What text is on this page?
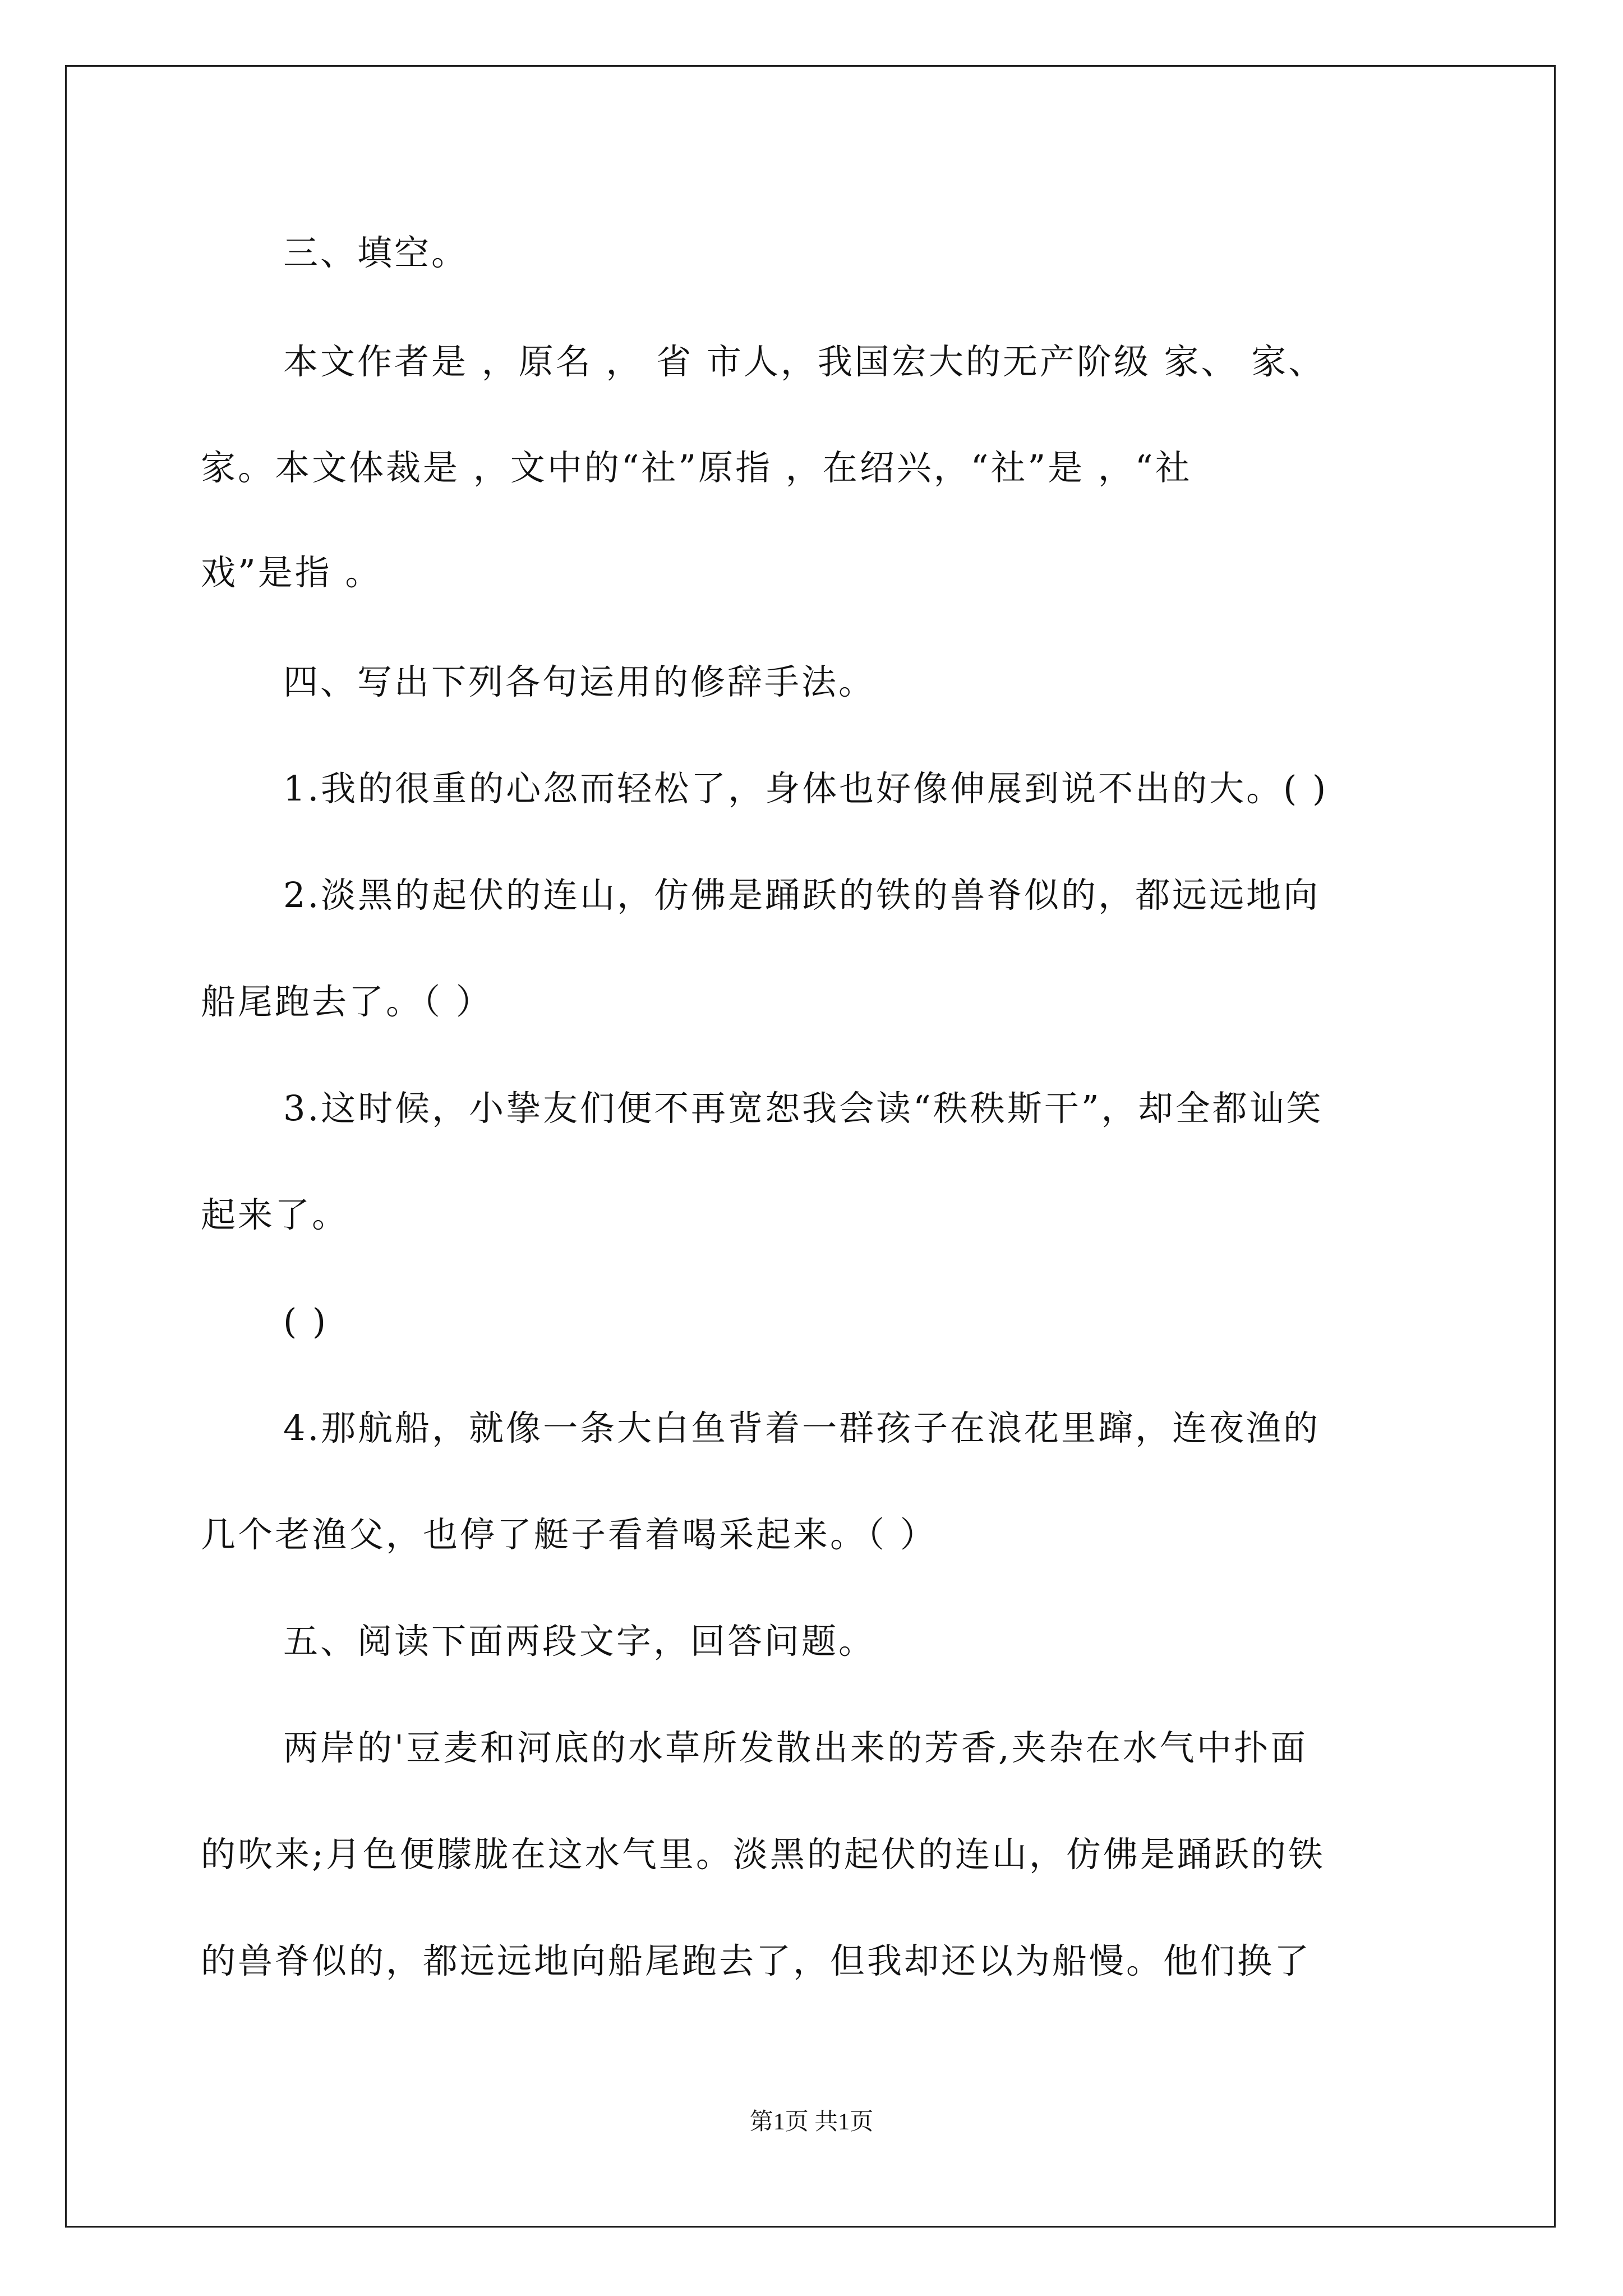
三、填空。
本文作者是 ，原名 ， 省 市人，我国宏大的无产阶级 家、 家、
家。本文体裁是 ，文中的“社”原指 ，在绍兴，“社”是 ，“社
戏”是指 。
四、写出下列各句运用的修辞手法。
1.我的很重的心忽而轻松了，身体也好像伸展到说不出的大。( )
2.淡黑的起伏的连山，仿佛是踊跃的铁的兽脊似的，都远远地向
船尾跑去了。（ ）
3.这时候，小挚友们便不再宽恕我会读“秩秩斯干”，却全都讪笑
起来了。
( )
4.那航船，就像一条大白鱼背着一群孩子在浪花里蹿，连夜渔的
几个老渔父，也停了艇子看着喝采起来。（ ）
五、阅读下面两段文字，回答问题。
两岸的'豆麦和河底的水草所发散出来的芳香,夹杂在水气中扑面
的吹来;月色便朦胧在这水气里。淡黑的起伏的连山，仿佛是踊跃的铁
的兽脊似的，都远远地向船尾跑去了，但我却还以为船慢。他们换了
第1页 共1页
